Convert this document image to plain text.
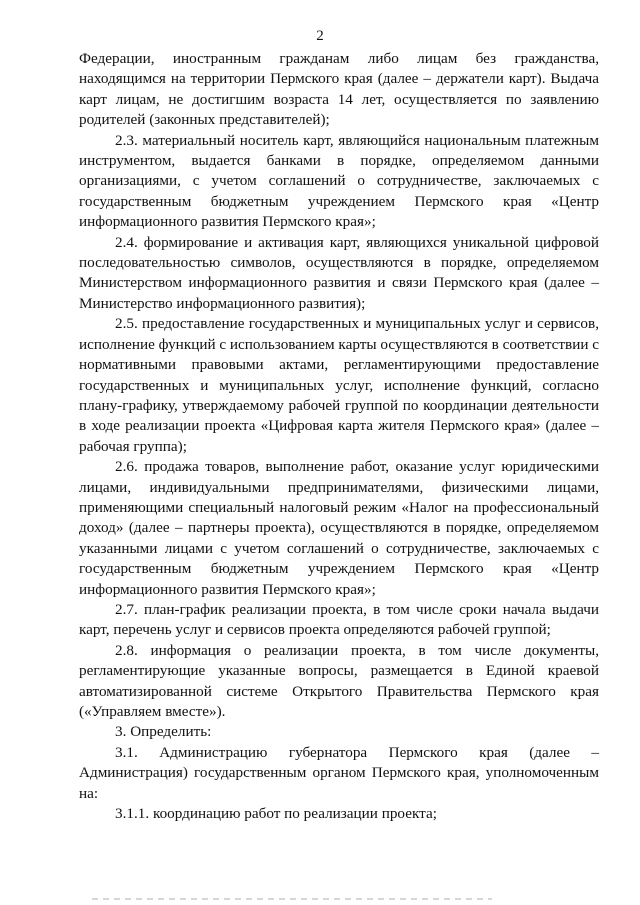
2

Федерации, иностранным гражданам либо лицам без гражданства, находящимся на территории Пермского края (далее – держатели карт). Выдача карт лицам, не достигшим возраста 14 лет, осуществляется по заявлению родителей (законных представителей);

2.3. материальный носитель карт, являющийся национальным платежным инструментом, выдается банками в порядке, определяемом данными организациями, с учетом соглашений о сотрудничестве, заключаемых с государственным бюджетным учреждением Пермского края «Центр информационного развития Пермского края»;

2.4. формирование и активация карт, являющихся уникальной цифровой последовательностью символов, осуществляются в порядке, определяемом Министерством информационного развития и связи Пермского края (далее – Министерство информационного развития);

2.5. предоставление государственных и муниципальных услуг и сервисов, исполнение функций с использованием карты осуществляются в соответствии с нормативными правовыми актами, регламентирующими предоставление государственных и муниципальных услуг, исполнение функций, согласно плану-графику, утверждаемому рабочей группой по координации деятельности в ходе реализации проекта «Цифровая карта жителя Пермского края» (далее – рабочая группа);

2.6. продажа товаров, выполнение работ, оказание услуг юридическими лицами, индивидуальными предпринимателями, физическими лицами, применяющими специальный налоговый режим «Налог на профессиональный доход» (далее – партнеры проекта), осуществляются в порядке, определяемом указанными лицами с учетом соглашений о сотрудничестве, заключаемых с государственным бюджетным учреждением Пермского края «Центр информационного развития Пермского края»;

2.7. план-график реализации проекта, в том числе сроки начала выдачи карт, перечень услуг и сервисов проекта определяются рабочей группой;

2.8. информация о реализации проекта, в том числе документы, регламентирующие указанные вопросы, размещается в Единой краевой автоматизированной системе Открытого Правительства Пермского края («Управляем вместе»).

3. Определить:

3.1. Администрацию губернатора Пермского края (далее – Администрация) государственным органом Пермского края, уполномоченным на:

3.1.1. координацию работ по реализации проекта;
